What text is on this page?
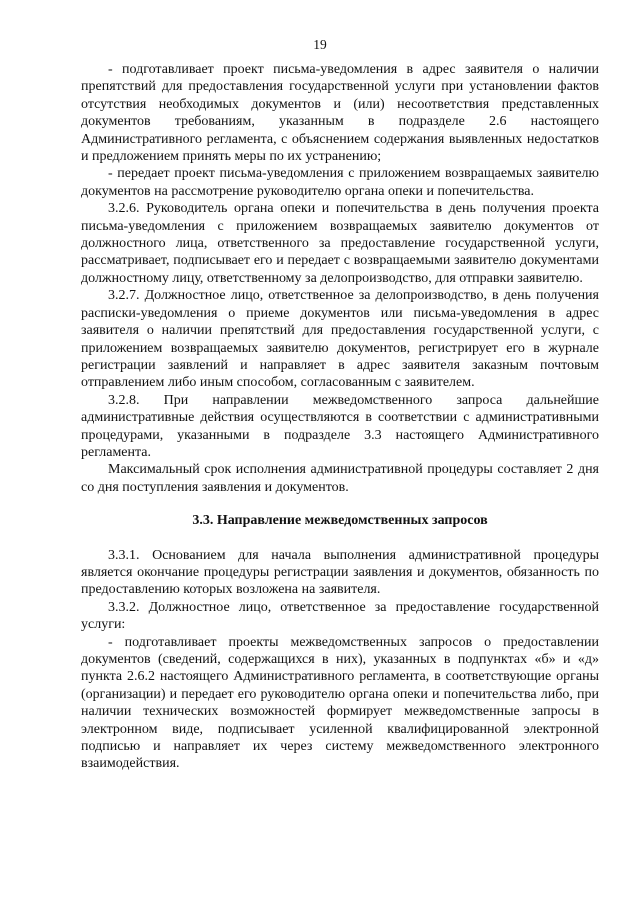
19

- подготавливает проект письма-уведомления в адрес заявителя о наличии препятствий для предоставления государственной услуги при установлении фактов отсутствия необходимых документов и (или) несоответствия представленных документов требованиям, указанным в подразделе 2.6 настоящего Административного регламента, с объяснением содержания выявленных недостатков и предложением принять меры по их устранению;

- передает проект письма-уведомления с приложением возвращаемых заявителю документов на рассмотрение руководителю органа опеки и попечительства.

3.2.6. Руководитель органа опеки и попечительства в день получения проекта письма-уведомления с приложением возвращаемых заявителю документов от должностного лица, ответственного за предоставление государственной услуги, рассматривает, подписывает его и передает с возвращаемыми заявителю документами должностному лицу, ответственному за делопроизводство, для отправки заявителю.

3.2.7. Должностное лицо, ответственное за делопроизводство, в день получения расписки-уведомления о приеме документов или письма-уведомления в адрес заявителя о наличии препятствий для предоставления государственной услуги, с приложением возвращаемых заявителю документов, регистрирует его в журнале регистрации заявлений и направляет в адрес заявителя заказным почтовым отправлением либо иным способом, согласованным с заявителем.

3.2.8. При направлении межведомственного запроса дальнейшие административные действия осуществляются в соответствии с административными процедурами, указанными в подразделе 3.3 настоящего Административного регламента.

Максимальный срок исполнения административной процедуры составляет 2 дня со дня поступления заявления и документов.

3.3. Направление межведомственных запросов

3.3.1. Основанием для начала выполнения административной процедуры является окончание процедуры регистрации заявления и документов, обязанность по предоставлению которых возложена на заявителя.

3.3.2. Должностное лицо, ответственное за предоставление государственной услуги:

- подготавливает проекты межведомственных запросов о предоставлении документов (сведений, содержащихся в них), указанных в подпунктах «б» и «д» пункта 2.6.2 настоящего Административного регламента, в соответствующие органы (организации) и передает его руководителю органа опеки и попечительства либо, при наличии технических возможностей формирует межведомственные запросы в электронном виде, подписывает усиленной квалифицированной электронной подписью и направляет их через систему межведомственного электронного взаимодействия.
